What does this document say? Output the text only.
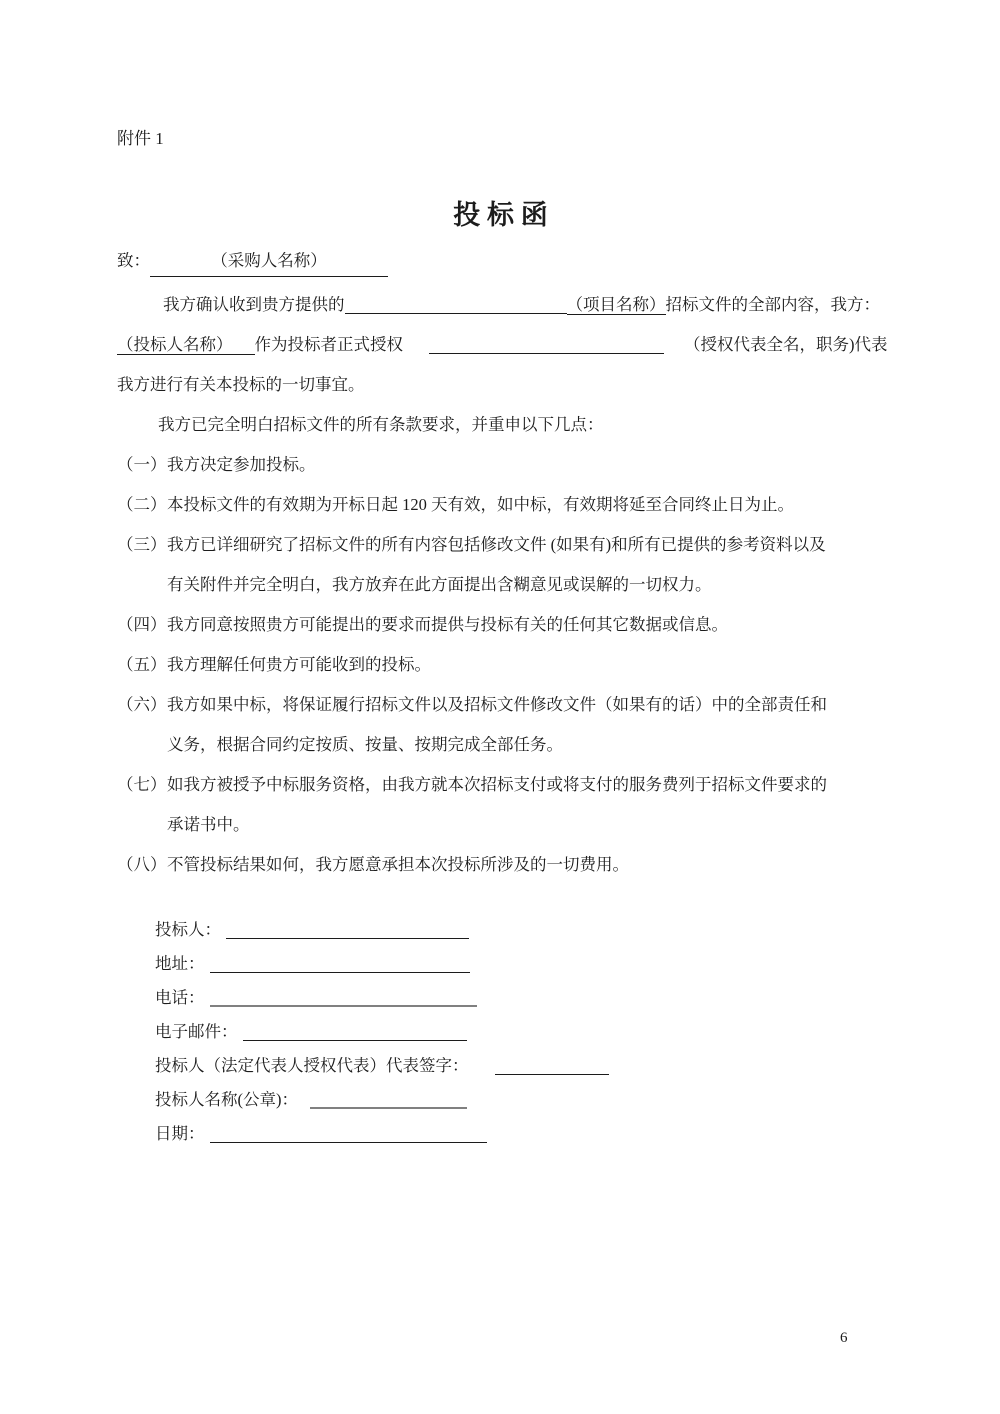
附件 1
投 标 函
致：	（采购人名称）
我方确认收到贵方提供的	（项目名称）招标文件的全部内容，我方：
（投标人名称） 作为投标者正式授权	（授权代表全名，职务)代表
我方进行有关本投标的一切事宜。
我方已完全明白招标文件的所有条款要求，并重申以下几点：
（一） 我方决定参加投标。
（二） 本投标文件的有效期为开标日起 120 天有效，如中标，有效期将延至合同终止日为止。
（三） 我方已详细研究了招标文件的所有内容包括修改文件 (如果有)和所有已提供的参考资料以及
有关附件并完全明白，我方放弃在此方面提出含糊意见或误解的一切权力。
（四） 我方同意按照贵方可能提出的要求而提供与投标有关的任何其它数据或信息。
（五） 我方理解任何贵方可能收到的投标。
（六） 我方如果中标，将保证履行招标文件以及招标文件修改文件（如果有的话）中的全部责任和
义务，根据合同约定按质、按量、按期完成全部任务。
（七） 如我方被授予中标服务资格，由我方就本次招标支付或将支付的服务费列于招标文件要求的
承诺书中。
（八） 不管投标结果如何，我方愿意承担本次投标所涉及的一切费用。
投标人：
地址：
电话：
电子邮件：
投标人（法定代表人授权代表）代表签字：
投标人名称(公章)：
日期：
6
